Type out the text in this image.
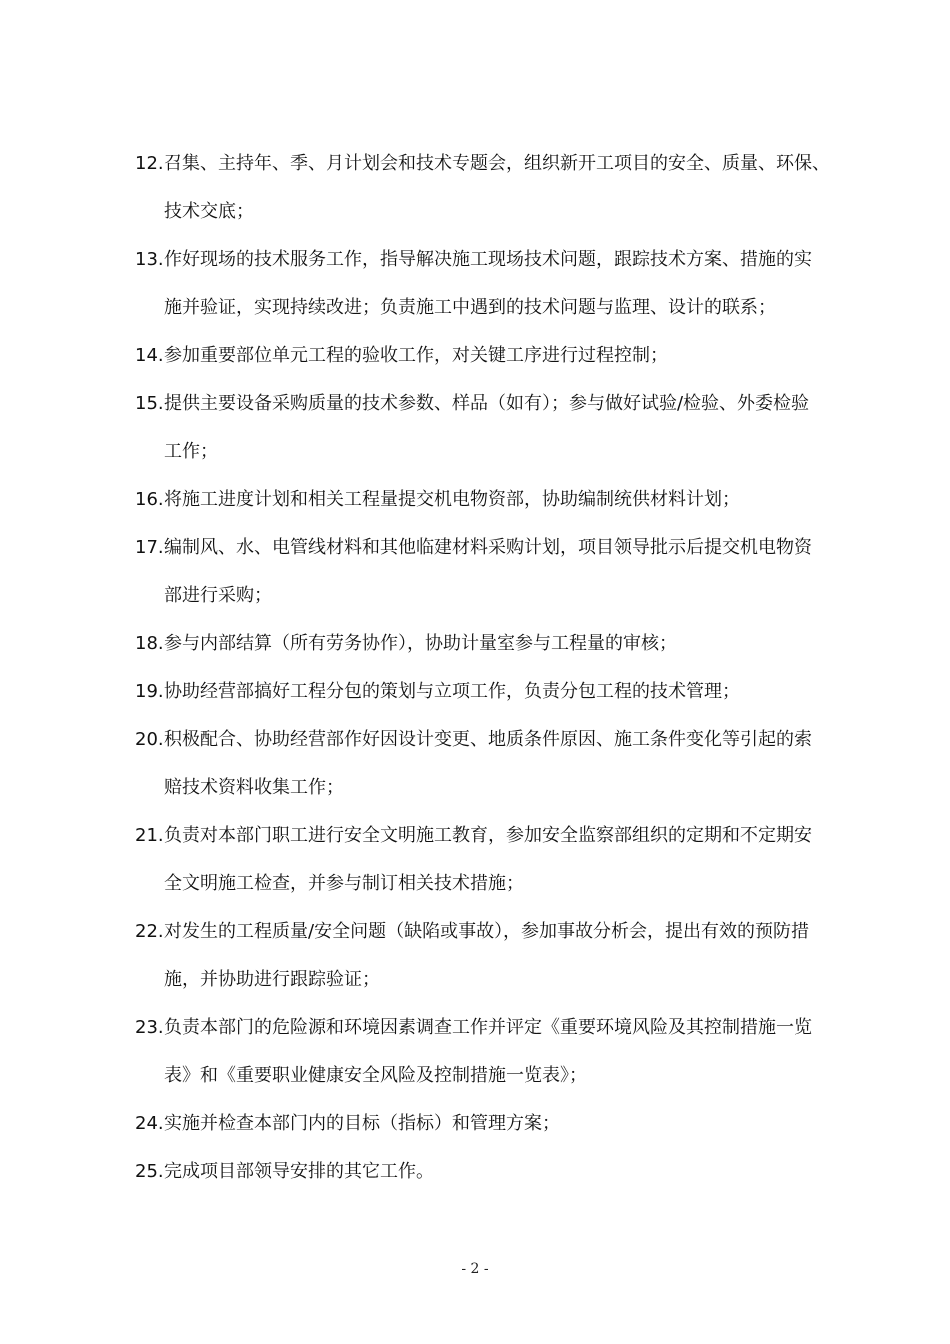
12. 召集、主持年、季、月计划会和技术专题会，组织新开工项目的安全、质量、环保、
技术交底；
13. 作好现场的技术服务工作，指导解决施工现场技术问题，跟踪技术方案、措施的实
施并验证，实现持续改进；负责施工中遇到的技术问题与监理、设计的联系；
14. 参加重要部位单元工程的验收工作，对关键工序进行过程控制；
15. 提供主要设备采购质量的技术参数、样品（如有）；参与做好试验/检验、外委检验
工作；
16. 将施工进度计划和相关工程量提交机电物资部，协助编制统供材料计划；
17. 编制风、水、电管线材料和其他临建材料采购计划，项目领导批示后提交机电物资
部进行采购；
18. 参与内部结算（所有劳务协作），协助计量室参与工程量的审核；
19. 协助经营部搞好工程分包的策划与立项工作，负责分包工程的技术管理；
20. 积极配合、协助经营部作好因设计变更、地质条件原因、施工条件变化等引起的索
赔技术资料收集工作；
21. 负责对本部门职工进行安全文明施工教育，参加安全监察部组织的定期和不定期安
全文明施工检查，并参与制订相关技术措施；
22. 对发生的工程质量/安全问题（缺陷或事故），参加事故分析会，提出有效的预防措
施，并协助进行跟踪验证；
23. 负责本部门的危险源和环境因素调查工作并评定《重要环境风险及其控制措施一览
表》和《重要职业健康安全风险及控制措施一览表》；
24. 实施并检查本部门内的目标（指标）和管理方案；
25. 完成项目部领导安排的其它工作。
- 2 -
